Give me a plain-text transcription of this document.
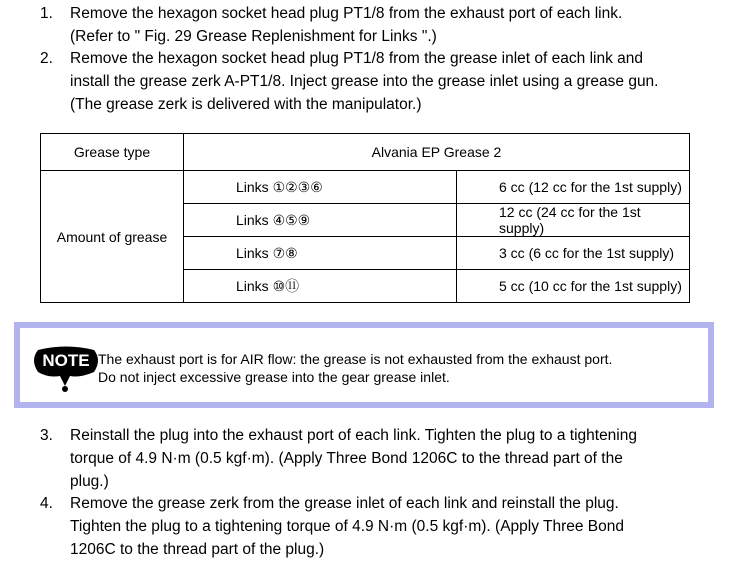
1. Remove the hexagon socket head plug PT1/8 from the exhaust port of each link.
(Refer to " Fig. 29 Grease Replenishment for Links ".)
2. Remove the hexagon socket head plug PT1/8 from the grease inlet of each link and
install the grease zerk A-PT1/8. Inject grease into the grease inlet using a grease gun.
(The grease zerk is delivered with the manipulator.)
Grease type	Alvania EP Grease 2	
Amount of grease	Links ①②③⑥	6 cc (12 cc for the 1st supply)
	Links ④⑤⑨	12 cc (24 cc for the 1st supply)
	Links ⑦⑧	3 cc (6 cc for the 1st supply)
	Links ⑩⑪	5 cc (10 cc for the 1st supply)
NOTE The exhaust port is for AIR flow: the grease is not exhausted from the exhaust port.
Do not inject excessive grease into the gear grease inlet.
3. Reinstall the plug into the exhaust port of each link. Tighten the plug to a tightening
torque of 4.9 N·m (0.5 kgf·m). (Apply Three Bond 1206C to the thread part of the
plug.)
4. Remove the grease zerk from the grease inlet of each link and reinstall the plug.
Tighten the plug to a tightening torque of 4.9 N·m (0.5 kgf·m). (Apply Three Bond
1206C to the thread part of the plug.)
